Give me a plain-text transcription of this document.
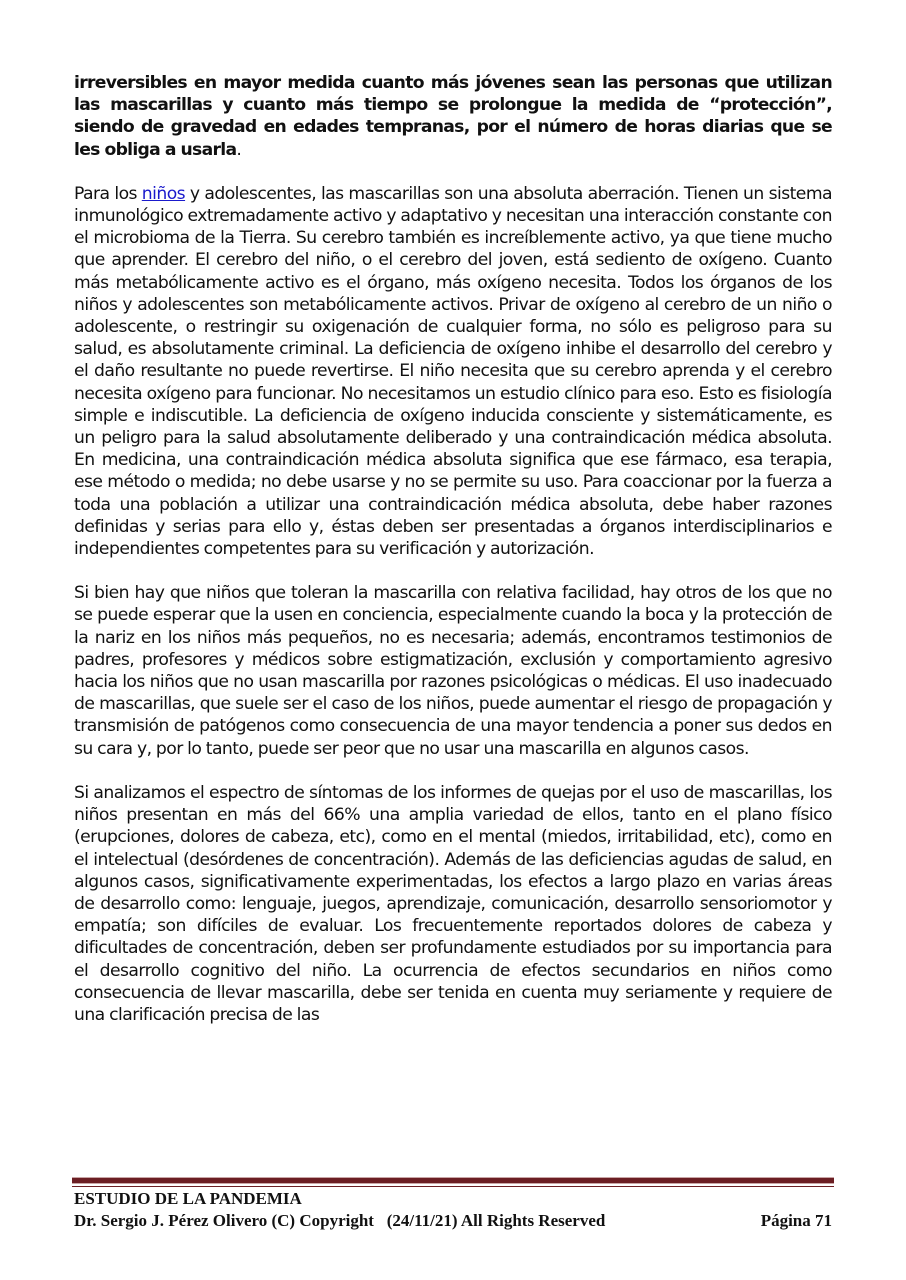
irreversibles en mayor medida cuanto más jóvenes sean las personas que utilizan las mascarillas y cuanto más tiempo se prolongue la medida de “protección”, siendo de gravedad en edades tempranas, por el número de horas diarias que se les obliga a usarla.

Para los niños y adolescentes, las mascarillas son una absoluta aberración. Tienen un sistema inmunológico extremadamente activo y adaptativo y necesitan una interacción constante con el microbioma de la Tierra. Su cerebro también es increíblemente activo, ya que tiene mucho que aprender. El cerebro del niño, o el cerebro del joven, está sediento de oxígeno. Cuanto más metabólicamente activo es el órgano, más oxígeno necesita. Todos los órganos de los niños y adolescentes son metabólicamente activos. Privar de oxígeno al cerebro de un niño o adolescente, o restringir su oxigenación de cualquier forma, no sólo es peligroso para su salud, es absolutamente criminal. La deficiencia de oxígeno inhibe el desarrollo del cerebro y el daño resultante no puede revertirse. El niño necesita que su cerebro aprenda y el cerebro necesita oxígeno para funcionar. No necesitamos un estudio clínico para eso. Esto es fisiología simple e indiscutible. La deficiencia de oxígeno inducida consciente y sistemáticamente, es un peligro para la salud absolutamente deliberado y una contraindicación médica absoluta. En medicina, una contraindicación médica absoluta significa que ese fármaco, esa terapia, ese método o medida; no debe usarse y no se permite su uso. Para coaccionar por la fuerza a toda una población a utilizar una contraindicación médica absoluta, debe haber razones definidas y serias para ello y, éstas deben ser presentadas a órganos interdisciplinarios e independientes competentes para su verificación y autorización.

Si bien hay que niños que toleran la mascarilla con relativa facilidad, hay otros de los que no se puede esperar que la usen en conciencia, especialmente cuando la boca y la protección de la nariz en los niños más pequeños, no es necesaria; además, encontramos testimonios de padres, profesores y médicos sobre estigmatización, exclusión y comportamiento agresivo hacia los niños que no usan mascarilla por razones psicológicas o médicas. El uso inadecuado de mascarillas, que suele ser el caso de los niños, puede aumentar el riesgo de propagación y transmisión de patógenos como consecuencia de una mayor tendencia a poner sus dedos en su cara y, por lo tanto, puede ser peor que no usar una mascarilla en algunos casos.

Si analizamos el espectro de síntomas de los informes de quejas por el uso de mascarillas, los niños presentan en más del 66% una amplia variedad de ellos, tanto en el plano físico (erupciones, dolores de cabeza, etc), como en el mental (miedos, irritabilidad, etc), como en el intelectual (desórdenes de concentración). Además de las deficiencias agudas de salud, en algunos casos, significativamente experimentadas, los efectos a largo plazo en varias áreas de desarrollo como: lenguaje, juegos, aprendizaje, comunicación, desarrollo sensoriomotor y empatía; son difíciles de evaluar. Los frecuentemente reportados dolores de cabeza y dificultades de concentración, deben ser profundamente estudiados por su importancia para el desarrollo cognitivo del niño. La ocurrencia de efectos secundarios en niños como consecuencia de llevar mascarilla, debe ser tenida en cuenta muy seriamente y requiere de una clarificación precisa de las

ESTUDIO DE LA PANDEMIA
Dr. Sergio J. Pérez Olivero (C) Copyright   (24/11/21) All Rights Reserved	Página 71
